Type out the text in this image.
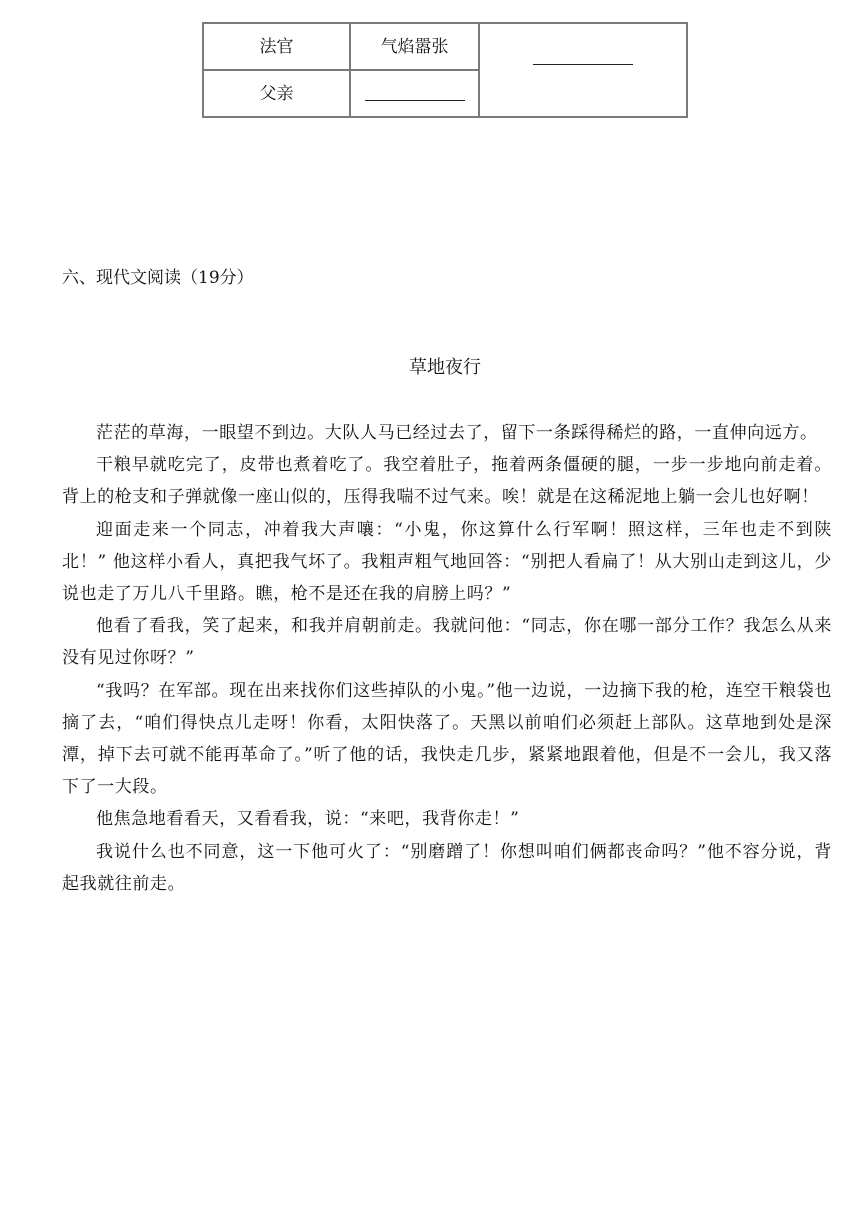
法官	气焰嚣张	
父亲		
六、现代文阅读（19分）
草地夜行

茫茫的草海，一眼望不到边。大队人马已经过去了，留下一条踩得稀烂的路，一直伸向远方。

干粮早就吃完了，皮带也煮着吃了。我空着肚子，拖着两条僵硬的腿，一步一步地向前走着。背上的枪支和子弹就像一座山似的，压得我喘不过气来。唉！就是在这稀泥地上躺一会儿也好啊！

迎面走来一个同志，冲着我大声嚷：“小鬼，你这算什么行军啊！照这样，三年也走不到陕北！” 他这样小看人，真把我气坏了。我粗声粗气地回答：“别把人看扁了！从大别山走到这儿，少说也走了万儿八千里路。瞧，枪不是还在我的肩膀上吗？”

他看了看我，笑了起来，和我并肩朝前走。我就问他：“同志，你在哪一部分工作？我怎么从来没有见过你呀？”

“我吗？在军部。现在出来找你们这些掉队的小鬼。”他一边说，一边摘下我的枪，连空干粮袋也摘了去，“咱们得快点儿走呀！你看，太阳快落了。天黑以前咱们必须赶上部队。这草地到处是深潭，掉下去可就不能再革命了。”听了他的话，我快走几步，紧紧地跟着他，但是不一会儿，我又落下了一大段。

他焦急地看看天，又看看我，说：“来吧，我背你走！”

我说什么也不同意，这一下他可火了：“别磨蹭了！你想叫咱们俩都丧命吗？”他不容分说，背起我就往前走。
